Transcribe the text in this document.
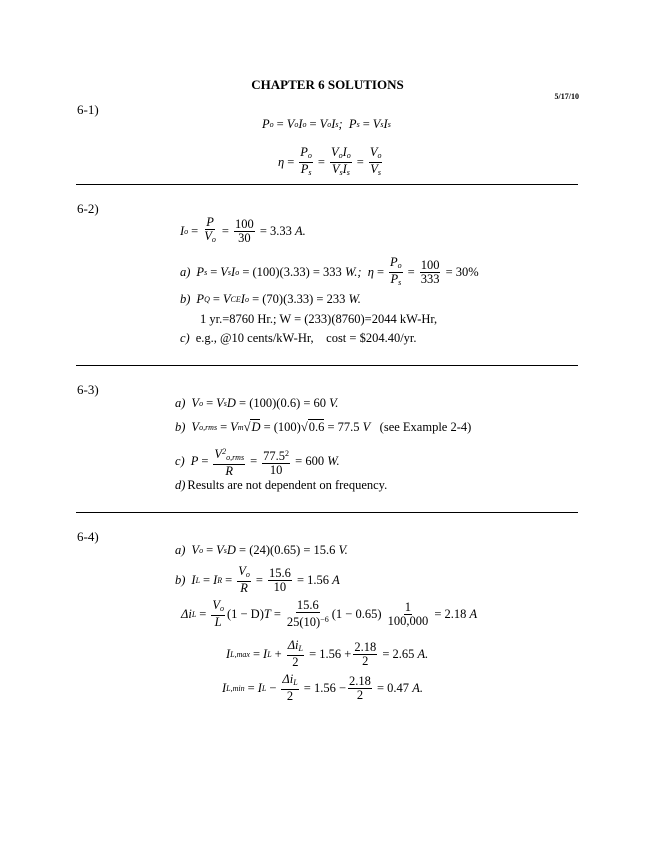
CHAPTER 6 SOLUTIONS
5/17/10
6-1)
P o = V o I o = V o I s ;  P s = V s I s
$\eta = \frac{P_o}{P_s} = \frac{V_oI_o}{V_sI_s} = \frac{V_o}{V_s}$
6-2)
I $o = \frac{P}{V_o} = \frac{100}{30}$
= 3.33 A.
a) P s = V s I o
= (100)(3.33) = 333 W.;  $\eta = \frac{P_o}{P_s} = \frac{100}{333}$
= 30%
b) P Q = V CE I o
= (70)(3.33) = 233 W.
1 yr.=8760 Hr.; W = (233)(8760)=2044 kW-Hr,
c) e.g., @10 cents/kW-Hr,    cost = $204.40/yr.
6-3)
a) V o = V s D = (100)(0.6) = 60 V.
b) V o,rms = V m √ D
= (100) √ 0.6
= 77.5 V (see Example 2-4)
c) $P = \frac{V^2_{o,rms}}{R} = \frac{77.5^2}{10}$
= 600 W.
d) Results are not dependent on frequency.
6-4)
a) V o = V s D = (24)(0.65) = 15.6 V.
b) I L = I $R = \frac{V_o}{R} = \frac{15.6}{10}$
= 1.56 A
Δi $L = \frac{V_o}{L} (1 - D) T = \frac{15.6}{25(10)^{-6}} (1 - 0.65)$
$\frac{1}{100,000}$
= 2.18 A
I L,max = I $L + \frac{\Delta i_L}{2}$
= $1.56 + \frac{2.18}{2}$
= 2.65 A.
I L,min = I $L - \frac{\Delta i_L}{2}$
= $1.56 - \frac{2.18}{2}$
= 0.47 A.
